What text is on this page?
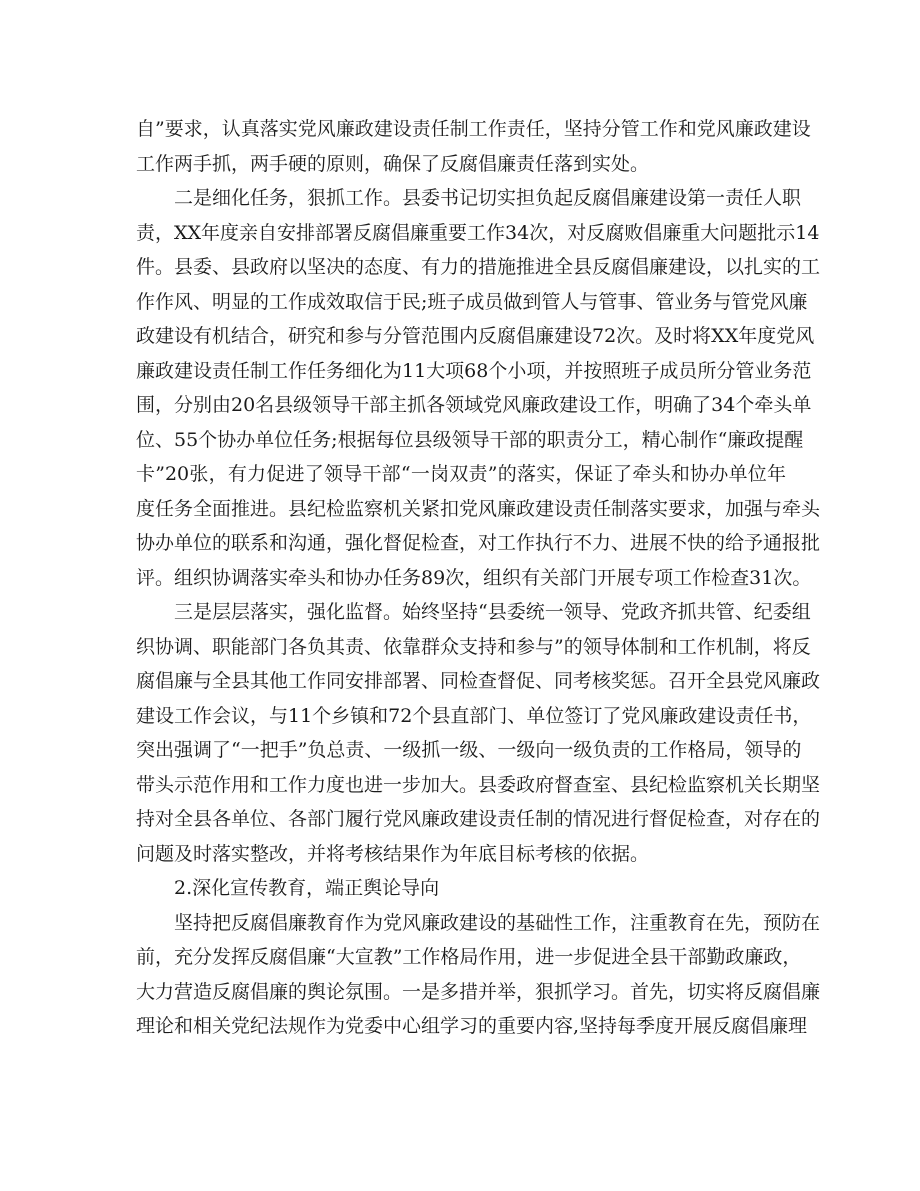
自”要求，认真落实党风廉政建设责任制工作责任，坚持分管工作和党风廉政建设
工作两手抓，两手硬的原则，确保了反腐倡廉责任落到实处。
二是细化任务，狠抓工作。县委书记切实担负起反腐倡廉建设第一责任人职
责，XX年度亲自安排部署反腐倡廉重要工作34次，对反腐败倡廉重大问题批示14
件。县委、县政府以坚决的态度、有力的措施推进全县反腐倡廉建设，以扎实的工
作作风、明显的工作成效取信于民;班子成员做到管人与管事、管业务与管党风廉
政建设有机结合，研究和参与分管范围内反腐倡廉建设72次。及时将XX年度党风
廉政建设责任制工作任务细化为11大项68个小项，并按照班子成员所分管业务范
围，分别由20名县级领导干部主抓各领域党风廉政建设工作，明确了34个牵头单
位、55个协办单位任务;根据每位县级领导干部的职责分工，精心制作“廉政提醒
卡”20张，有力促进了领导干部“一岗双责”的落实，保证了牵头和协办单位年
度任务全面推进。县纪检监察机关紧扣党风廉政建设责任制落实要求，加强与牵头
协办单位的联系和沟通，强化督促检查，对工作执行不力、进展不快的给予通报批
评。组织协调落实牵头和协办任务89次，组织有关部门开展专项工作检查31次。
三是层层落实，强化监督。始终坚持“县委统一领导、党政齐抓共管、纪委组
织协调、职能部门各负其责、依靠群众支持和参与”的领导体制和工作机制，将反
腐倡廉与全县其他工作同安排部署、同检查督促、同考核奖惩。召开全县党风廉政
建设工作会议，与11个乡镇和72个县直部门、单位签订了党风廉政建设责任书，
突出强调了“一把手”负总责、一级抓一级、一级向一级负责的工作格局，领导的
带头示范作用和工作力度也进一步加大。县委政府督查室、县纪检监察机关长期坚
持对全县各单位、各部门履行党风廉政建设责任制的情况进行督促检查，对存在的
问题及时落实整改，并将考核结果作为年底目标考核的依据。
2.深化宣传教育，端正舆论导向
坚持把反腐倡廉教育作为党风廉政建设的基础性工作，注重教育在先，预防在
前，充分发挥反腐倡廉“大宣教”工作格局作用，进一步促进全县干部勤政廉政，
大力营造反腐倡廉的舆论氛围。一是多措并举，狠抓学习。首先，切实将反腐倡廉
理论和相关党纪法规作为党委中心组学习的重要内容,坚持每季度开展反腐倡廉理
